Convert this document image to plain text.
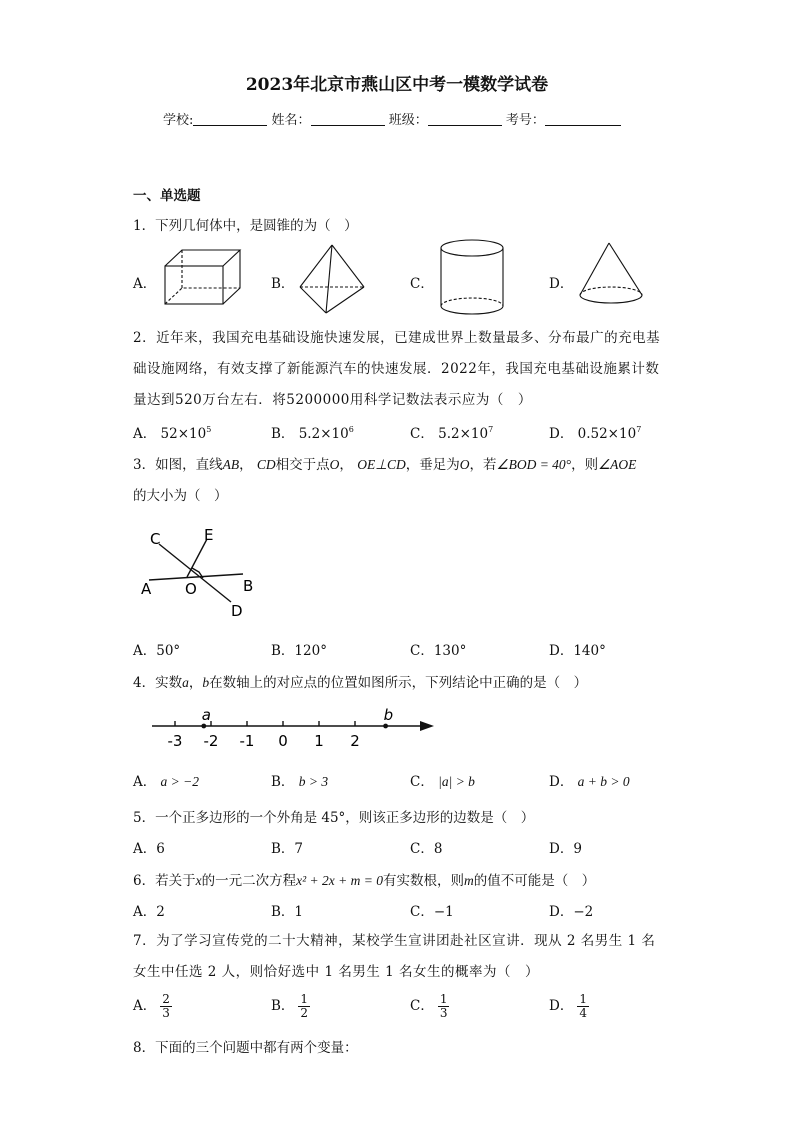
2023年北京市燕山区中考一模数学试卷
学校:	姓名：	班级：	考号：
一、单选题
1．下列几何体中，是圆锥的为（　）
A．	B．	C．	D．
2．近年来，我国充电基础设施快速发展，已建成世界上数量最多、分布最广的充电基础设施网络，有效支撑了新能源汽车的快速发展．2022年，我国充电基础设施累计数量达到520万台左右．将5200000用科学记数法表示应为（　）
A． $52\times 10^5$	B． $5.2\times 10^6$	C． $5.2\times 10^7$	D． $0.52\times 10^7$
3．如图，直线AB， CD相交于点O， OE⊥CD，垂足为O，若∠BOD = 40°，则∠AOE
的大小为（　）
C	E
A O	B
D
A．50°	B．120°	C．130°	D．140°
4．实数a，b在数轴上的对应点的位置如图所示，下列结论中正确的是（　）
-3 -2 -1 0 1 2
a	b
A． a > −2	B． b > 3	C． |a| > b	D． a + b > 0
5．一个正多边形的一个外角是 45°，则该正多边形的边数是（　）
A．6	B．7	C．8	D．9
6．若关于x的一元二次方程x² + 2x + m = 0有实数根，则m的值不可能是（　）
A．2	B．1	C．−1	D．−2
7．为了学习宣传党的二十大精神，某校学生宣讲团赴社区宣讲．现从 2 名男生 1 名女生中任选 2 人，则恰好选中 1 名男生 1 名女生的概率为（　）
A． $\frac{2}{3}$	B． $\frac{1}{2}$	C． $\frac{1}{3}$	D． $\frac{1}{4}$
8．下面的三个问题中都有两个变量：
